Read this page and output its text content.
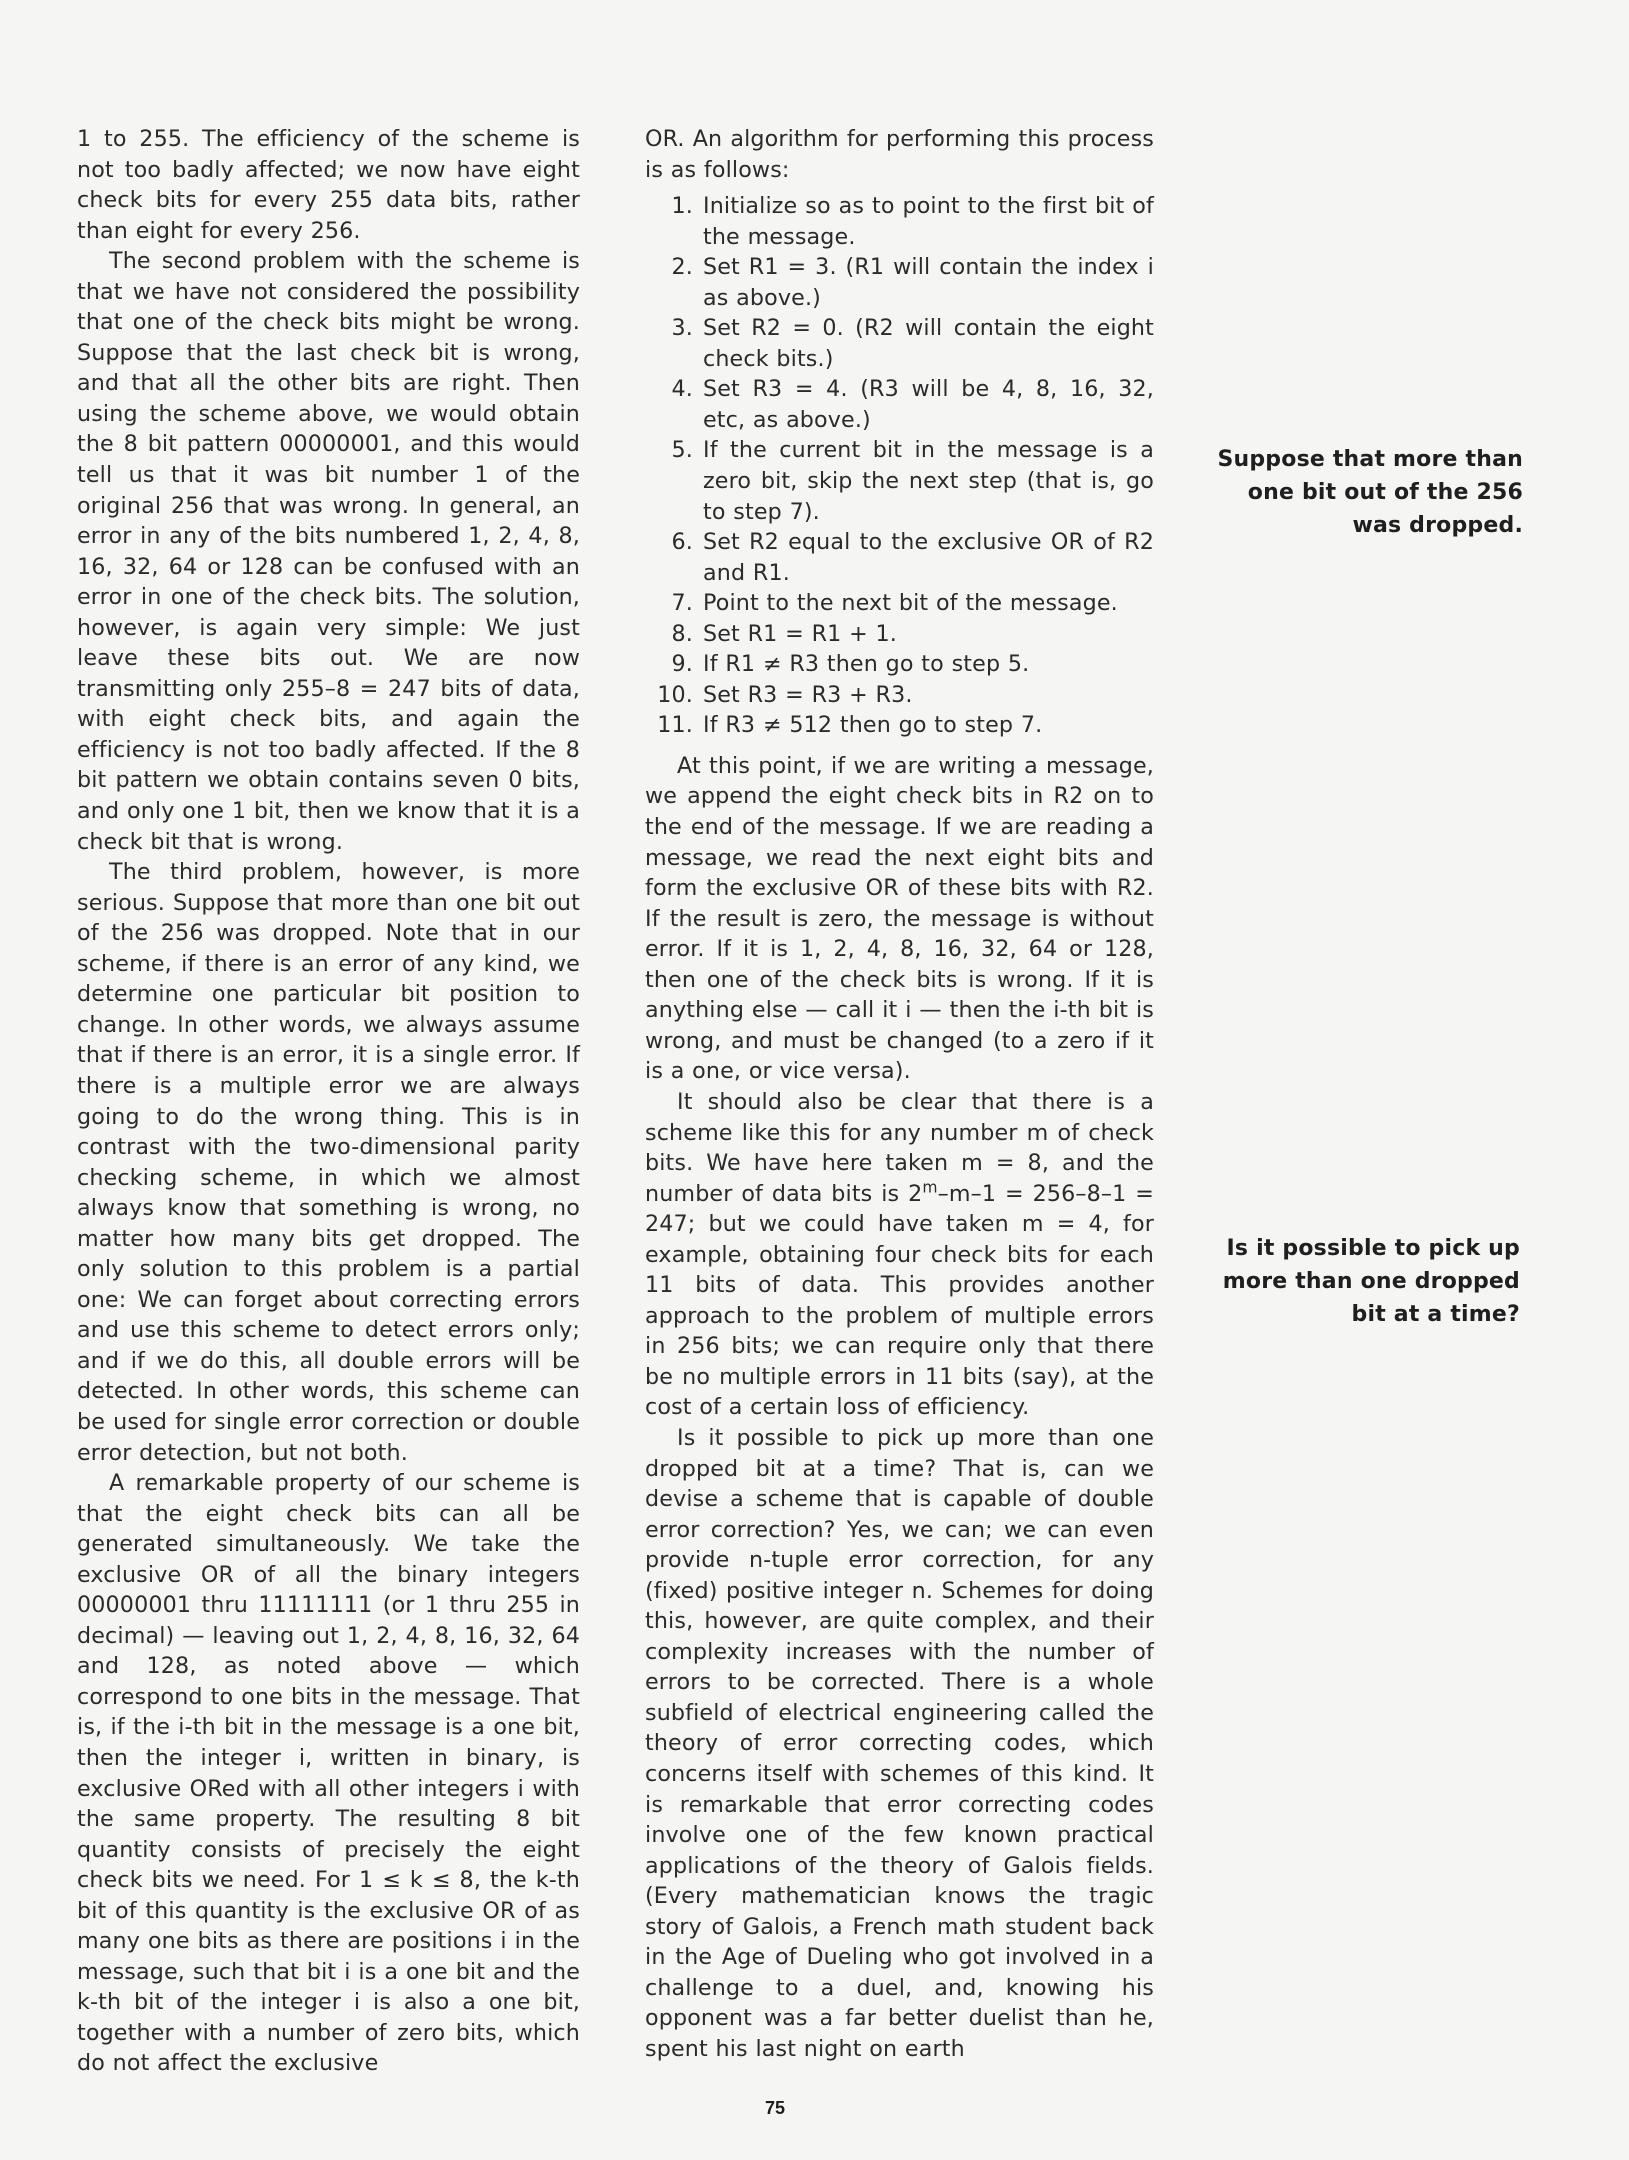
1 to 255. The efficiency of the scheme is not too badly affected; we now have eight check bits for every 255 data bits, rather than eight for every 256.

The second problem with the scheme is that we have not considered the possibility that one of the check bits might be wrong. Suppose that the last check bit is wrong, and that all the other bits are right. Then using the scheme above, we would obtain the 8 bit pattern 00000001, and this would tell us that it was bit number 1 of the original 256 that was wrong. In general, an error in any of the bits numbered 1, 2, 4, 8, 16, 32, 64 or 128 can be confused with an error in one of the check bits. The solution, however, is again very simple: We just leave these bits out. We are now transmitting only 255–8 = 247 bits of data, with eight check bits, and again the efficiency is not too badly affected. If the 8 bit pattern we obtain contains seven 0 bits, and only one 1 bit, then we know that it is a check bit that is wrong.

The third problem, however, is more serious. Suppose that more than one bit out of the 256 was dropped. Note that in our scheme, if there is an error of any kind, we determine one particular bit position to change. In other words, we always assume that if there is an error, it is a single error. If there is a multiple error we are always going to do the wrong thing. This is in contrast with the two-dimensional parity checking scheme, in which we almost always know that something is wrong, no matter how many bits get dropped. The only solution to this problem is a partial one: We can forget about correcting errors and use this scheme to detect errors only; and if we do this, all double errors will be detected. In other words, this scheme can be used for single error correction or double error detection, but not both.

A remarkable property of our scheme is that the eight check bits can all be generated simultaneously. We take the exclusive OR of all the binary integers 00000001 thru 11111111 (or 1 thru 255 in decimal) — leaving out 1, 2, 4, 8, 16, 32, 64 and 128, as noted above — which correspond to one bits in the message. That is, if the i-th bit in the message is a one bit, then the integer i, written in binary, is exclusive ORed with all other integers i with the same property. The resulting 8 bit quantity consists of precisely the eight check bits we need. For 1 ≤ k ≤ 8, the k-th bit of this quantity is the exclusive OR of as many one bits as there are positions i in the message, such that bit i is a one bit and the k-th bit of the integer i is also a one bit, together with a number of zero bits, which do not affect the exclusive

OR. An algorithm for performing this process is as follows:

1. Initialize so as to point to the first bit of the message.
2. Set R1 = 3. (R1 will contain the index i as above.)
3. Set R2 = 0. (R2 will contain the eight check bits.)
4. Set R3 = 4. (R3 will be 4, 8, 16, 32, etc, as above.)
5. If the current bit in the message is a zero bit, skip the next step (that is, go to step 7).
6. Set R2 equal to the exclusive OR of R2 and R1.
7. Point to the next bit of the message.
8. Set R1 = R1 + 1.
9. If R1 ≠ R3 then go to step 5.
10. Set R3 = R3 + R3.
11. If R3 ≠ 512 then go to step 7.

At this point, if we are writing a message, we append the eight check bits in R2 on to the end of the message. If we are reading a message, we read the next eight bits and form the exclusive OR of these bits with R2. If the result is zero, the message is without error. If it is 1, 2, 4, 8, 16, 32, 64 or 128, then one of the check bits is wrong. If it is anything else — call it i — then the i-th bit is wrong, and must be changed (to a zero if it is a one, or vice versa).

It should also be clear that there is a scheme like this for any number m of check bits. We have here taken m = 8, and the number of data bits is $2^m-m-1 = 256-8-1 = 247$; but we could have taken m = 4, for example, obtaining four check bits for each 11 bits of data. This provides another approach to the problem of multiple errors in 256 bits; we can require only that there be no multiple errors in 11 bits (say), at the cost of a certain loss of efficiency.

Is it possible to pick up more than one dropped bit at a time? That is, can we devise a scheme that is capable of double error correction? Yes, we can; we can even provide n-tuple error correction, for any (fixed) positive integer n. Schemes for doing this, however, are quite complex, and their complexity increases with the number of errors to be corrected. There is a whole subfield of electrical engineering called the theory of error correcting codes, which concerns itself with schemes of this kind. It is remarkable that error correcting codes involve one of the few known practical applications of the theory of Galois fields. (Every mathematician knows the tragic story of Galois, a French math student back in the Age of Dueling who got involved in a challenge to a duel, and, knowing his opponent was a far better duelist than he, spent his last night on earth

Suppose that more than one bit out of the 256 was dropped.
Is it possible to pick up more than one dropped bit at a time?
75
